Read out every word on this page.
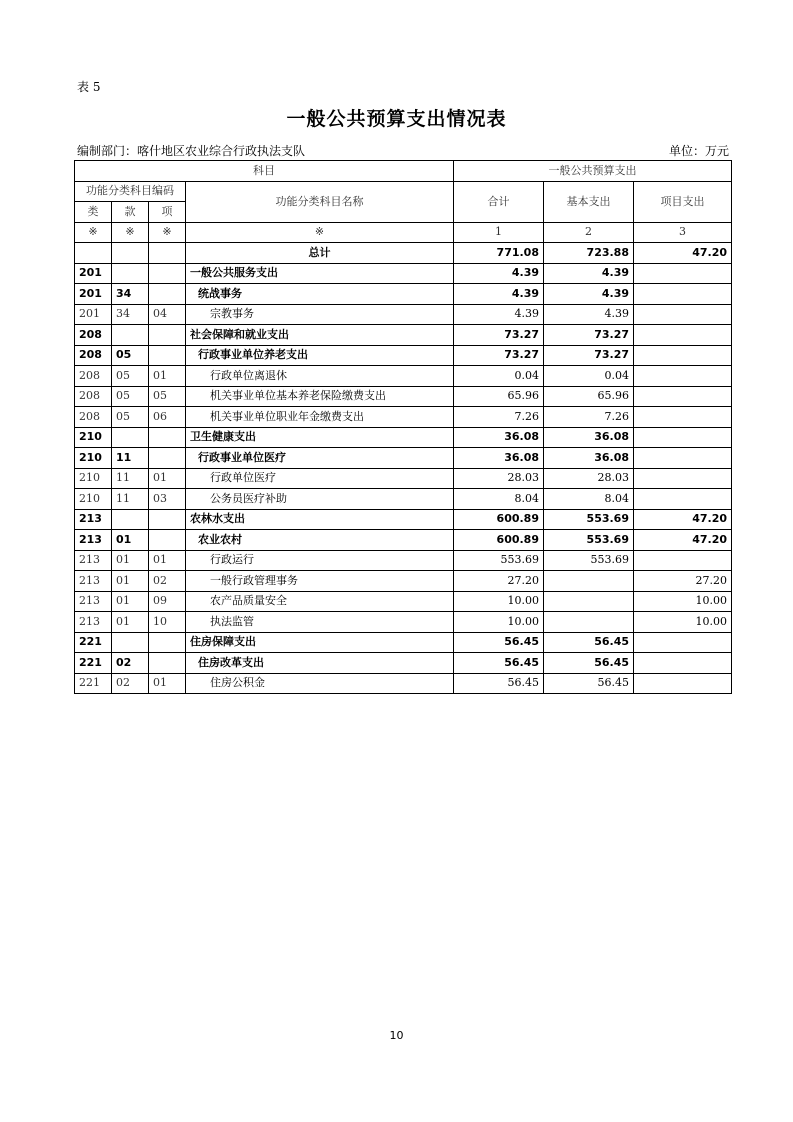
表 5
一般公共预算支出情况表
编制部门：喀什地区农业综合行政执法支队	单位：万元
科目				一般公共预算支出		
功能分类科目编码			功能分类科目名称	合计	基本支出	项目支出
类	款	项				
※	※	※	※	1	2	3
			总计	771.08	723.88	47.20
201			一般公共服务支出	4.39	4.39	
201	34		统战事务	4.39	4.39	
201	34	04	宗教事务	4.39	4.39	
208			社会保障和就业支出	73.27	73.27	
208	05		行政事业单位养老支出	73.27	73.27	
208	05	01	行政单位离退休	0.04	0.04	
208	05	05	机关事业单位基本养老保险缴费支出	65.96	65.96	
208	05	06	机关事业单位职业年金缴费支出	7.26	7.26	
210			卫生健康支出	36.08	36.08	
210	11		行政事业单位医疗	36.08	36.08	
210	11	01	行政单位医疗	28.03	28.03	
210	11	03	公务员医疗补助	8.04	8.04	
213			农林水支出	600.89	553.69	47.20
213	01		农业农村	600.89	553.69	47.20
213	01	01	行政运行	553.69	553.69	
213	01	02	一般行政管理事务	27.20		27.20
213	01	09	农产品质量安全	10.00		10.00
213	01	10	执法监管	10.00		10.00
221			住房保障支出	56.45	56.45	
221	02		住房改革支出	56.45	56.45	
221	02	01	住房公积金	56.45	56.45	
10
